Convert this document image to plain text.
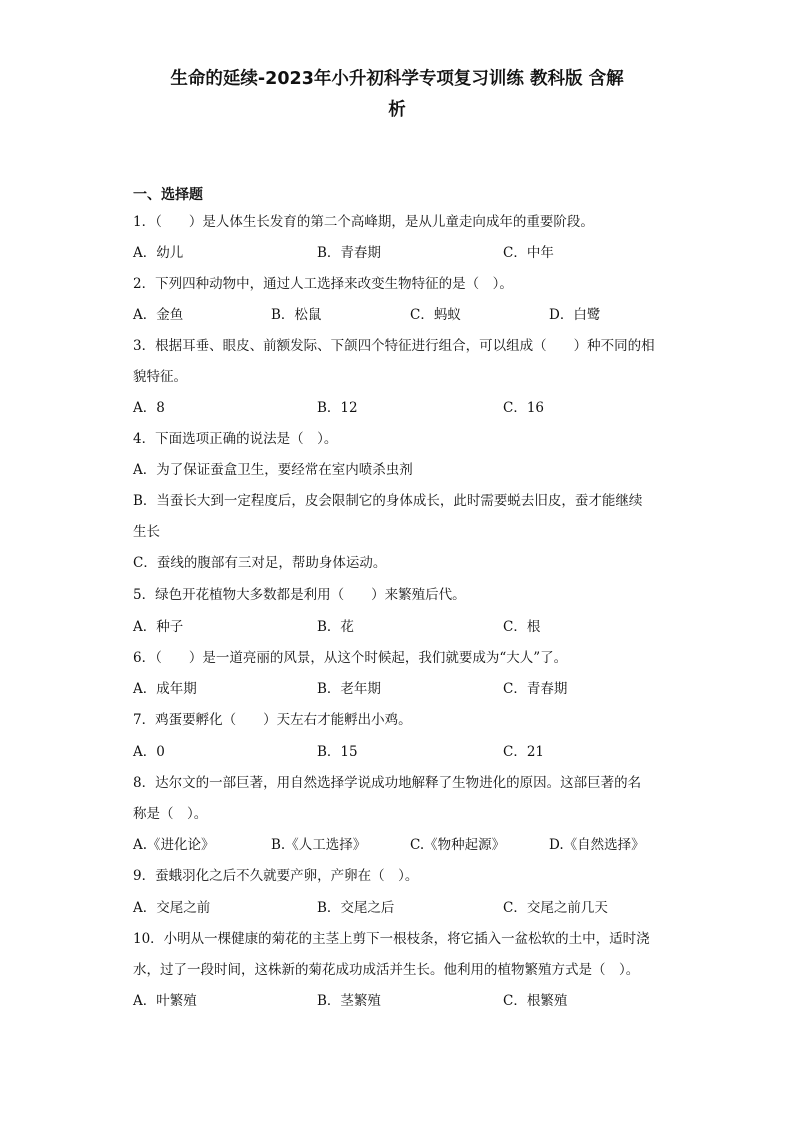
生命的延续-2023年小升初科学专项复习训练 教科版 含解
析
一、选择题
1．（　　）是人体生长发育的第二个高峰期，是从儿童走向成年的重要阶段。
A．幼儿	B．青春期	C．中年
2．下列四种动物中，通过人工选择来改变生物特征的是（　）。
A．金鱼	B．松鼠	C．蚂蚁	D．白鹭
3．根据耳垂、眼皮、前额发际、下颌四个特征进行组合，可以组成（　　）种不同的相
貌特征。
A．8	B．12	C．16
4．下面选项正确的说法是（　）。
A．为了保证蚕盒卫生，要经常在室内喷杀虫剂
B．当蚕长大到一定程度后，皮会限制它的身体成长，此时需要蜕去旧皮，蚕才能继续
生长
C．蚕线的腹部有三对足，帮助身体运动。
5．绿色开花植物大多数都是利用（　　）来繁殖后代。
A．种子	B．花	C．根
6．（　　）是一道亮丽的风景，从这个时候起，我们就要成为“大人”了。
A．成年期	B．老年期	C．青春期
7．鸡蛋要孵化（　　）天左右才能孵出小鸡。
A．0	B．15	C．21
8．达尔文的一部巨著，用自然选择学说成功地解释了生物进化的原因。这部巨著的名
称是（　）。
A.《进化论》	B.《人工选择》	C.《物种起源》	D.《自然选择》
9．蚕蛾羽化之后不久就要产卵，产卵在（　）。
A．交尾之前	B．交尾之后	C．交尾之前几天
10．小明从一棵健康的菊花的主茎上剪下一根枝条，将它插入一盆松软的土中，适时浇
水，过了一段时间，这株新的菊花成功成活并生长。他利用的植物繁殖方式是（　）。
A．叶繁殖	B．茎繁殖	C．根繁殖
